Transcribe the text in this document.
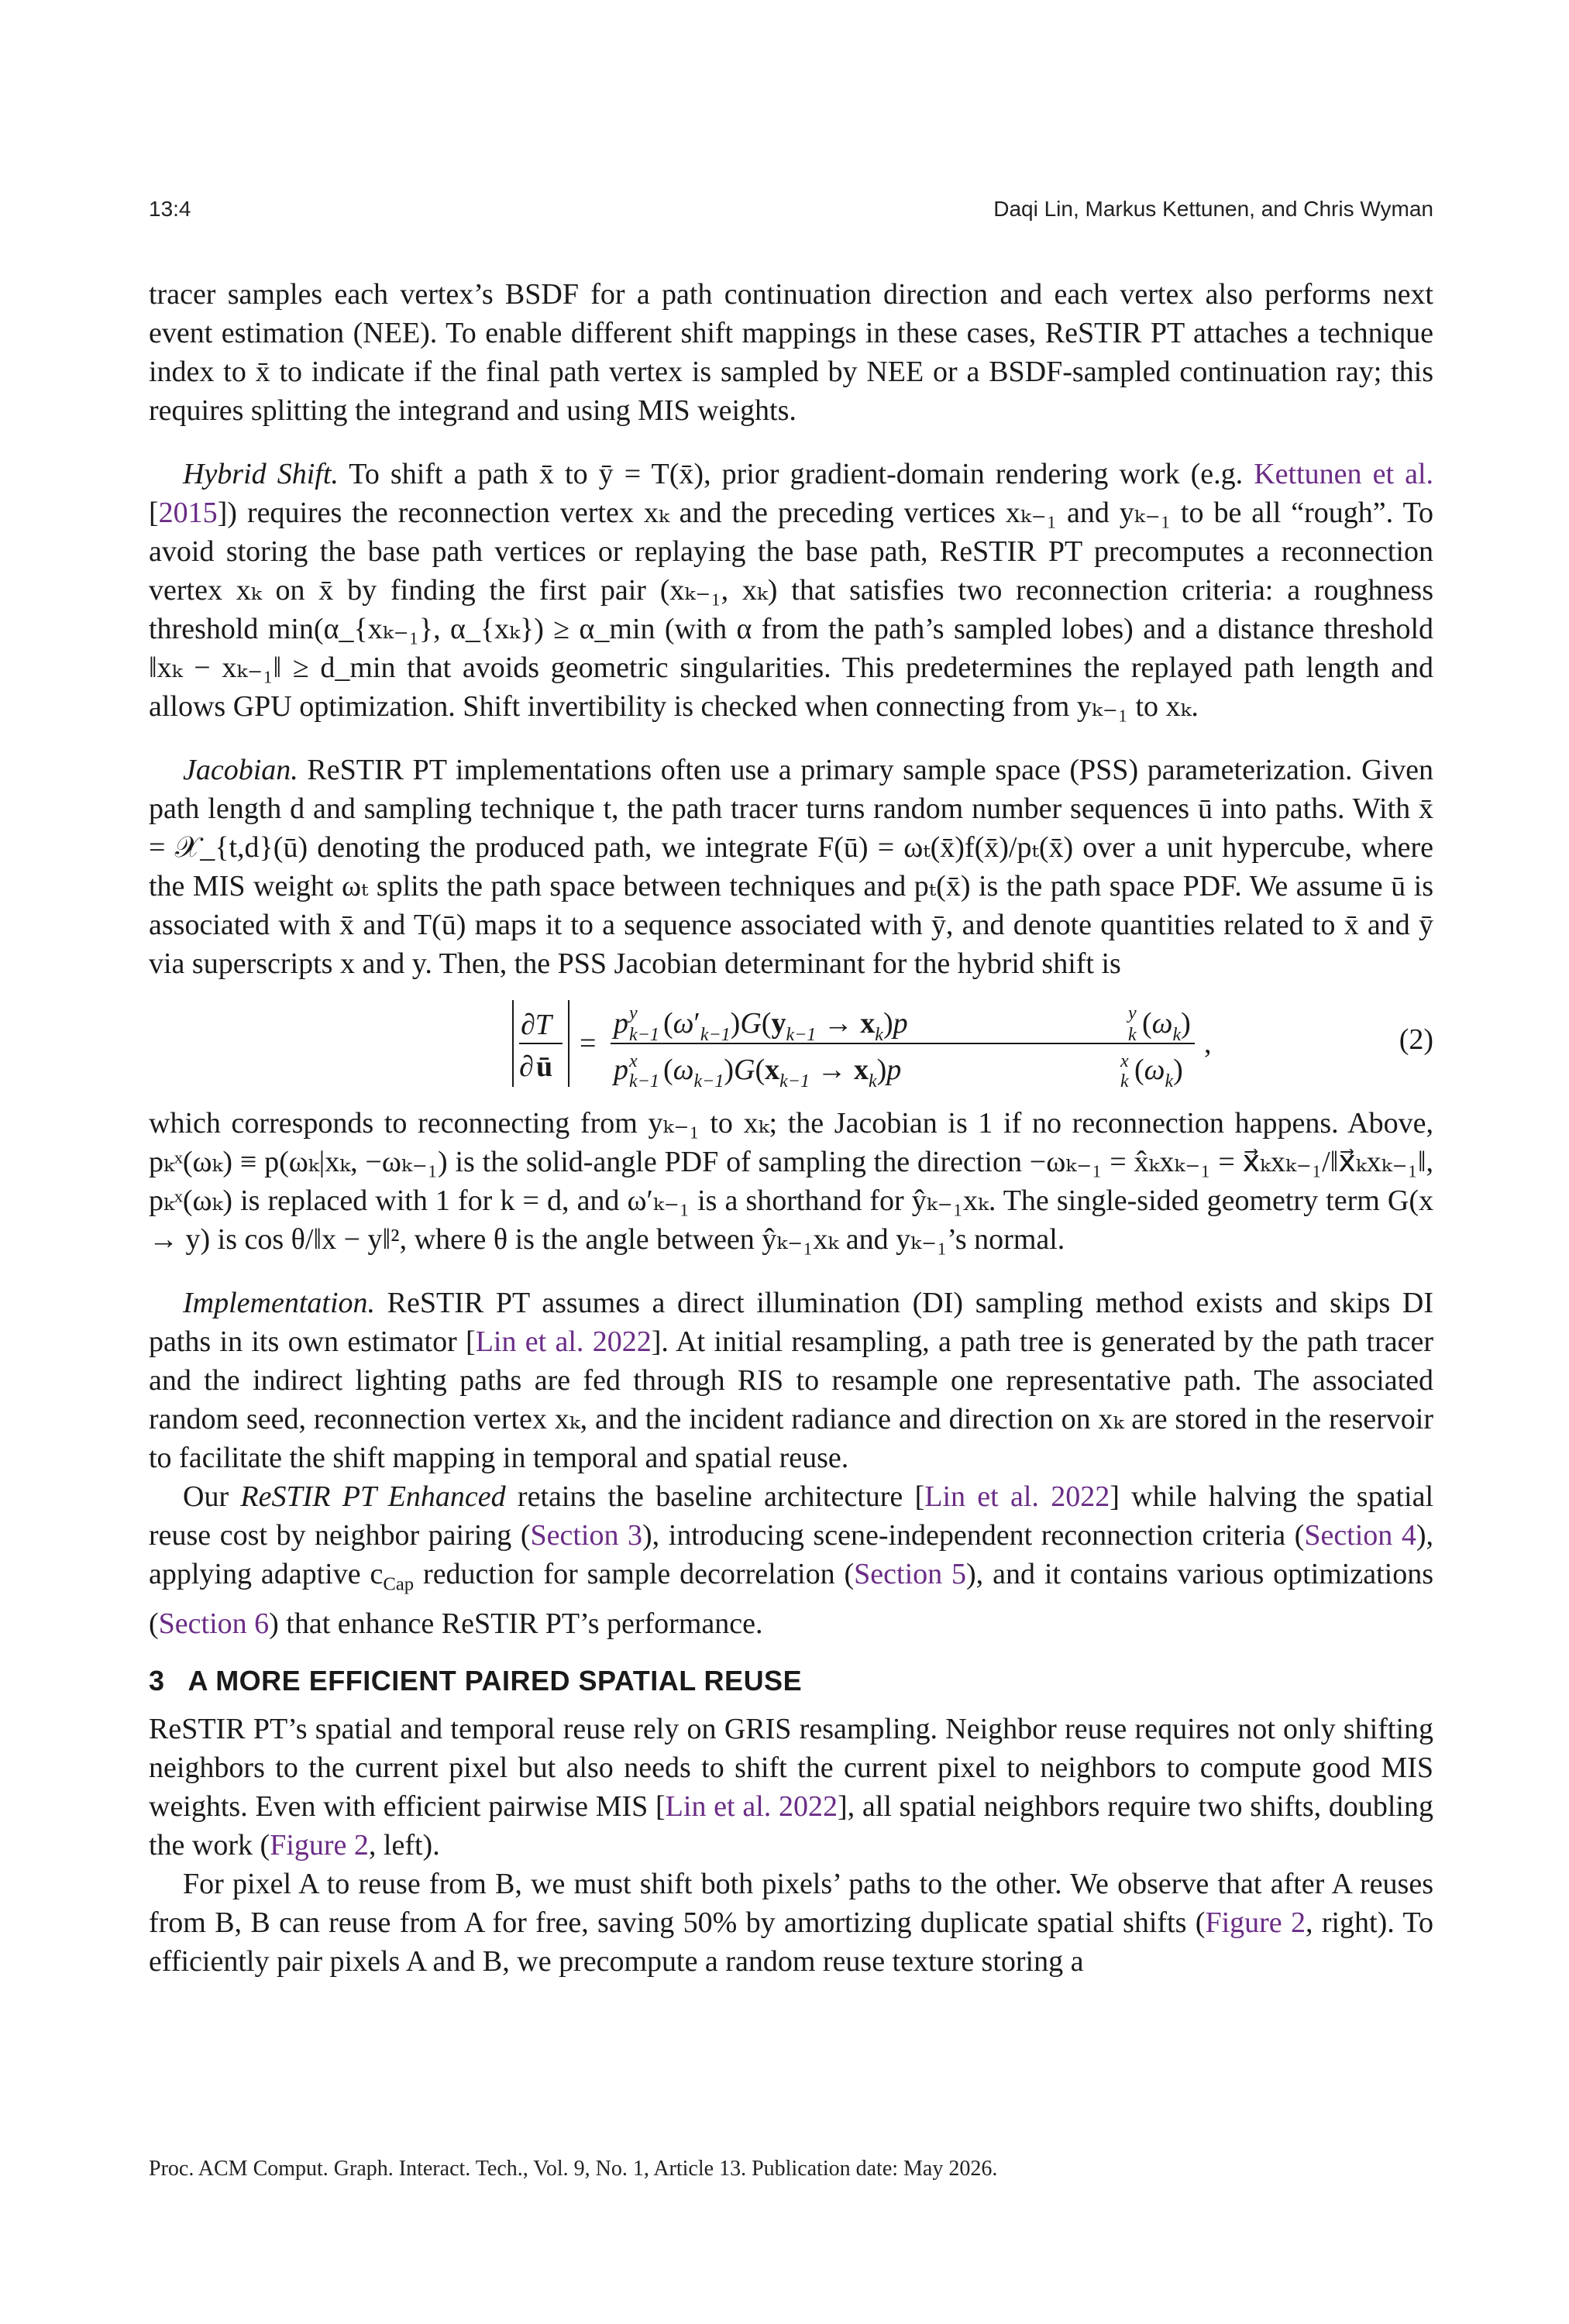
13:4	Daqi Lin, Markus Kettunen, and Chris Wyman

tracer samples each vertex’s BSDF for a path continuation direction and each vertex also performs next event estimation (NEE). To enable different shift mappings in these cases, ReSTIR PT attaches a technique index to x̄ to indicate if the final path vertex is sampled by NEE or a BSDF-sampled continuation ray; this requires splitting the integrand and using MIS weights.

Hybrid Shift. To shift a path x̄ to ȳ = T(x̄), prior gradient-domain rendering work (e.g. Kettunen et al. [2015]) requires the reconnection vertex xₖ and the preceding vertices xₖ₋₁ and yₖ₋₁ to be all “rough”. To avoid storing the base path vertices or replaying the base path, ReSTIR PT precomputes a reconnection vertex xₖ on x̄ by finding the first pair (xₖ₋₁, xₖ) that satisfies two reconnection criteria: a roughness threshold min(α_{xₖ₋₁}, α_{xₖ}) ≥ α_min (with α from the path’s sampled lobes) and a distance threshold ‖xₖ − xₖ₋₁‖ ≥ d_min that avoids geometric singularities. This predetermines the replayed path length and allows GPU optimization. Shift invertibility is checked when connecting from yₖ₋₁ to xₖ.

Jacobian. ReSTIR PT implementations often use a primary sample space (PSS) parameterization. Given path length d and sampling technique t, the path tracer turns random number sequences ū into paths. With x̄ = 𝒳_{t,d}(ū) denoting the produced path, we integrate F(ū) = ωₜ(x̄)f(x̄)/pₜ(x̄) over a unit hypercube, where the MIS weight ωₜ splits the path space between techniques and pₜ(x̄) is the path space PDF. We assume ū is associated with x̄ and T(ū) maps it to a sequence associated with ȳ, and denote quantities related to x̄ and ȳ via superscripts x and y. Then, the PSS Jacobian determinant for the hybrid shift is

∂T
∂ ū
=
p y
k−1 $(\omega'_{k-1})G(y_{k-1} \to x_k)p$	y
k $(\omega_k)$
p x
k−1 $(\omega_{k-1})G(x_{k-1} \to x_k)p$	x
k $(\omega_k)$
,	(2)

which corresponds to reconnecting from yₖ₋₁ to xₖ; the Jacobian is 1 if no reconnection happens. Above, pₖˣ(ωₖ) ≡ p(ωₖ|xₖ, −ωₖ₋₁) is the solid-angle PDF of sampling the direction −ωₖ₋₁ = x̂ₖxₖ₋₁ = x⃗ₖxₖ₋₁/‖x⃗ₖxₖ₋₁‖, pₖˣ(ωₖ) is replaced with 1 for k = d, and ω′ₖ₋₁ is a shorthand for ŷₖ₋₁xₖ. The single-sided geometry term G(x → y) is cos θ/‖x − y‖², where θ is the angle between ŷₖ₋₁xₖ and yₖ₋₁’s normal.

Implementation. ReSTIR PT assumes a direct illumination (DI) sampling method exists and skips DI paths in its own estimator [Lin et al. 2022]. At initial resampling, a path tree is generated by the path tracer and the indirect lighting paths are fed through RIS to resample one representative path. The associated random seed, reconnection vertex xₖ, and the incident radiance and direction on xₖ are stored in the reservoir to facilitate the shift mapping in temporal and spatial reuse.

Our ReSTIR PT Enhanced retains the baseline architecture [Lin et al. 2022] while halving the spatial reuse cost by neighbor pairing (Section 3), introducing scene-independent reconnection criteria (Section 4), applying adaptive $c_{Cap}$ reduction for sample decorrelation (Section 5), and it contains various optimizations (Section 6) that enhance ReSTIR PT’s performance.

3 A MORE EFFICIENT PAIRED SPATIAL REUSE

ReSTIR PT’s spatial and temporal reuse rely on GRIS resampling. Neighbor reuse requires not only shifting neighbors to the current pixel but also needs to shift the current pixel to neighbors to compute good MIS weights. Even with efficient pairwise MIS [Lin et al. 2022], all spatial neighbors require two shifts, doubling the work (Figure 2, left).

For pixel A to reuse from B, we must shift both pixels’ paths to the other. We observe that after A reuses from B, B can reuse from A for free, saving 50% by amortizing duplicate spatial shifts (Figure 2, right). To efficiently pair pixels A and B, we precompute a random reuse texture storing a

Proc. ACM Comput. Graph. Interact. Tech., Vol. 9, No. 1, Article 13. Publication date: May 2026.
